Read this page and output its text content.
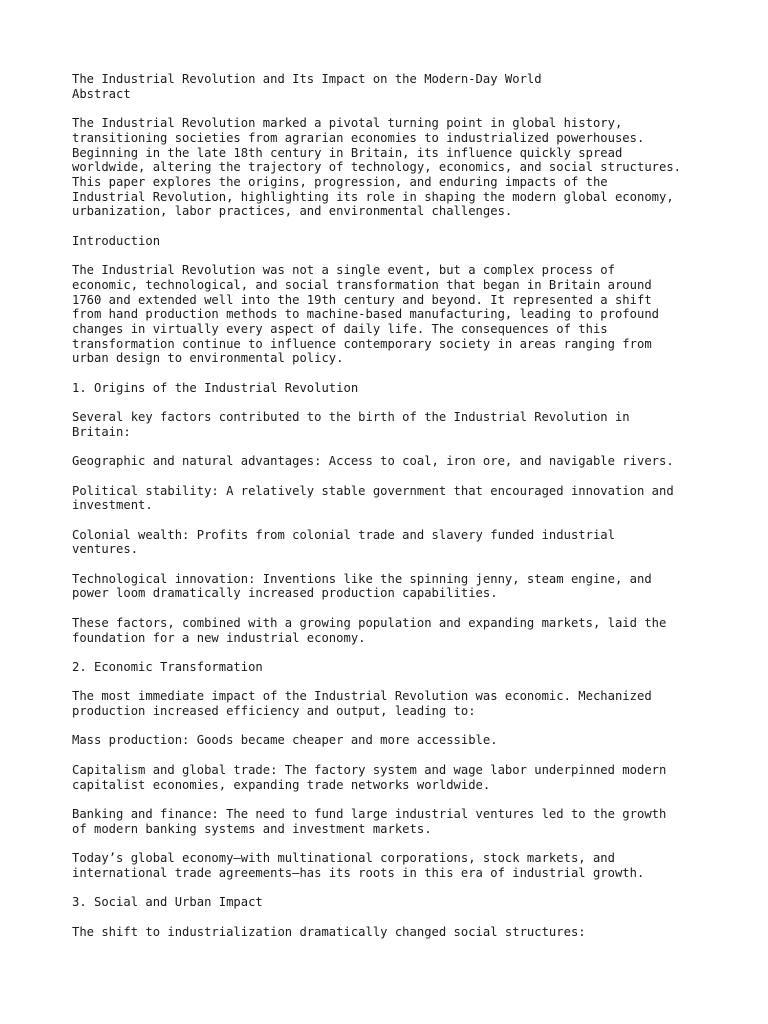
The Industrial Revolution and Its Impact on the Modern-Day World
Abstract
The Industrial Revolution marked a pivotal turning point in global history,
transitioning societies from agrarian economies to industrialized powerhouses.
Beginning in the late 18th century in Britain, its influence quickly spread
worldwide, altering the trajectory of technology, economics, and social structures.
This paper explores the origins, progression, and enduring impacts of the
Industrial Revolution, highlighting its role in shaping the modern global economy,
urbanization, labor practices, and environmental challenges.
Introduction
The Industrial Revolution was not a single event, but a complex process of
economic, technological, and social transformation that began in Britain around
1760 and extended well into the 19th century and beyond. It represented a shift
from hand production methods to machine-based manufacturing, leading to profound
changes in virtually every aspect of daily life. The consequences of this
transformation continue to influence contemporary society in areas ranging from
urban design to environmental policy.
1. Origins of the Industrial Revolution
Several key factors contributed to the birth of the Industrial Revolution in
Britain:
Geographic and natural advantages: Access to coal, iron ore, and navigable rivers.
Political stability: A relatively stable government that encouraged innovation and
investment.
Colonial wealth: Profits from colonial trade and slavery funded industrial
ventures.
Technological innovation: Inventions like the spinning jenny, steam engine, and
power loom dramatically increased production capabilities.
These factors, combined with a growing population and expanding markets, laid the
foundation for a new industrial economy.
2. Economic Transformation
The most immediate impact of the Industrial Revolution was economic. Mechanized
production increased efficiency and output, leading to:
Mass production: Goods became cheaper and more accessible.
Capitalism and global trade: The factory system and wage labor underpinned modern
capitalist economies, expanding trade networks worldwide.
Banking and finance: The need to fund large industrial ventures led to the growth
of modern banking systems and investment markets.
Today’s global economy—with multinational corporations, stock markets, and
international trade agreements—has its roots in this era of industrial growth.
3. Social and Urban Impact
The shift to industrialization dramatically changed social structures:
